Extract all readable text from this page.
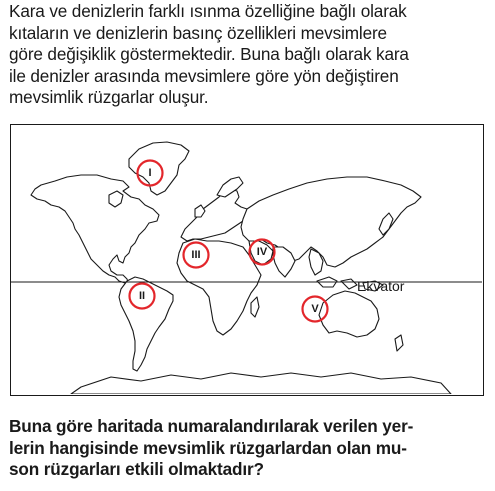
Kara ve denizlerin farklı ısınma özelliğine bağlı olarak
kıtaların ve denizlerin basınç özellikleri mevsimlere
göre değişiklik göstermektedir. Buna bağlı olarak kara
ile denizler arasında mevsimlere göre yön değiştiren
mevsimlik rüzgarlar oluşur.

Ekvator
I
II
III	IV
V

Buna göre haritada numaralandırılarak verilen yer-
lerin hangisinde mevsimlik rüzgarlardan olan mu-
son rüzgarları etkili olmaktadır?
